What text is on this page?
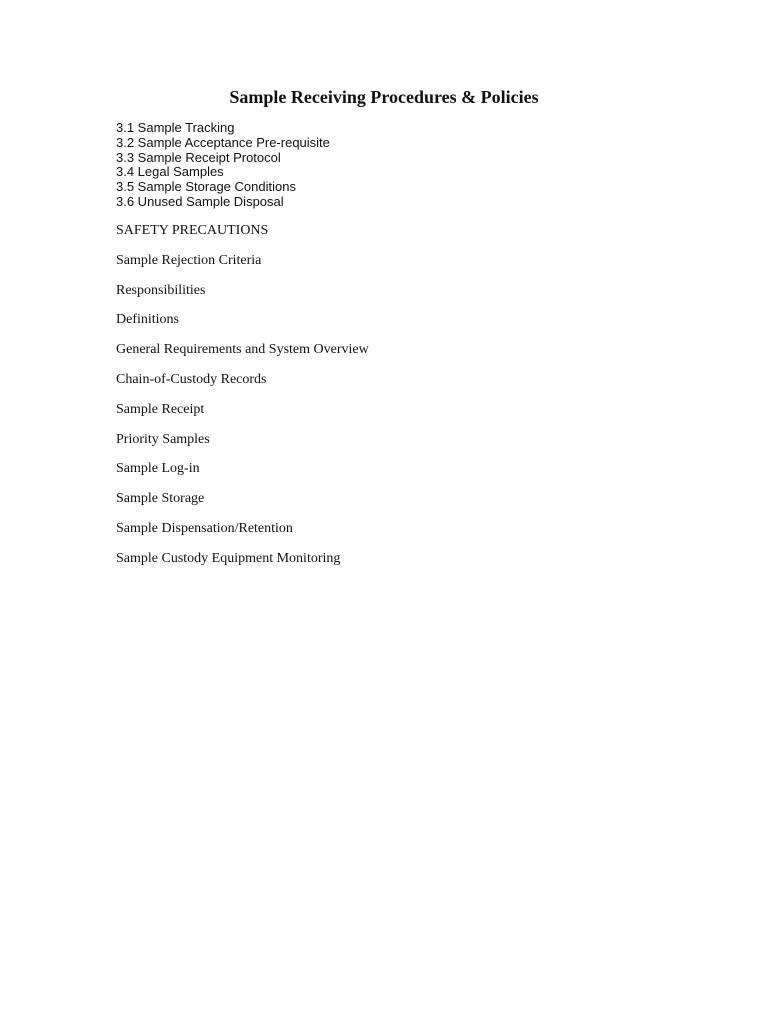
Sample Receiving Procedures & Policies
3.1 Sample Tracking
3.2 Sample Acceptance Pre-requisite
3.3 Sample Receipt Protocol
3.4 Legal Samples
3.5 Sample Storage Conditions
3.6 Unused Sample Disposal
SAFETY PRECAUTIONS
Sample Rejection Criteria
Responsibilities
Definitions
General Requirements and System Overview
Chain-of-Custody Records
Sample Receipt
Priority Samples
Sample Log-in
Sample Storage
Sample Dispensation/Retention
Sample Custody Equipment Monitoring
